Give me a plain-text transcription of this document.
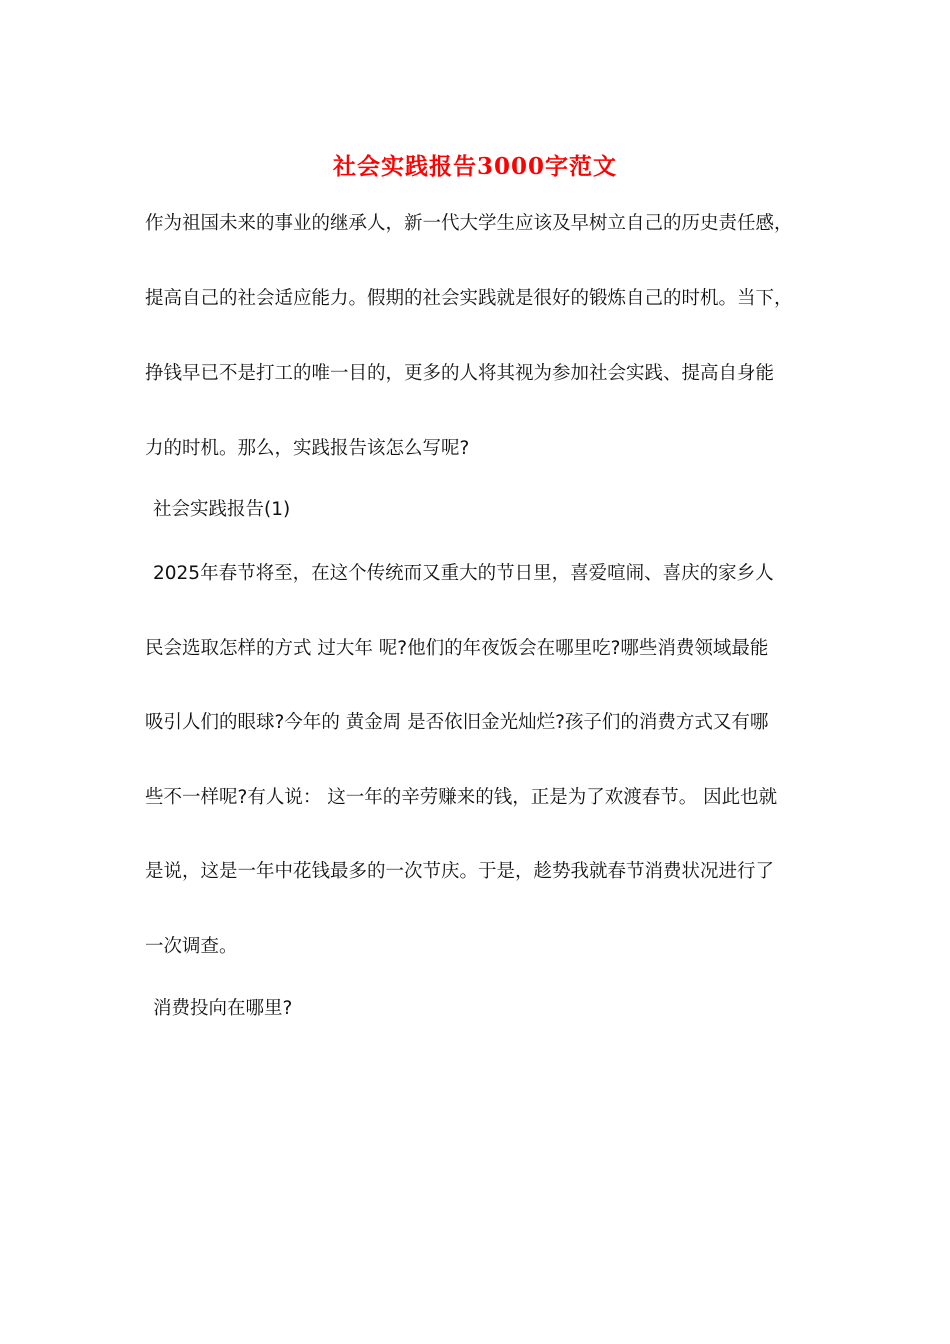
社会实践报告3000字范文

作为祖国未来的事业的继承人，新一代大学生应该及早树立自己的历史责任感，

提高自己的社会适应能力。假期的社会实践就是很好的锻炼自己的时机。当下，

挣钱早已不是打工的唯一目的，更多的人将其视为参加社会实践、提高自身能

力的时机。那么，实践报告该怎么写呢?

社会实践报告(1)

2025年春节将至，在这个传统而又重大的节日里，喜爱喧闹、喜庆的家乡人

民会选取怎样的方式 过大年 呢?他们的年夜饭会在哪里吃?哪些消费领域最能

吸引人们的眼球?今年的 黄金周 是否依旧金光灿烂?孩子们的消费方式又有哪

些不一样呢?有人说： 这一年的辛劳赚来的钱，正是为了欢渡春节。 因此也就

是说，这是一年中花钱最多的一次节庆。于是，趁势我就春节消费状况进行了

一次调查。

消费投向在哪里?
